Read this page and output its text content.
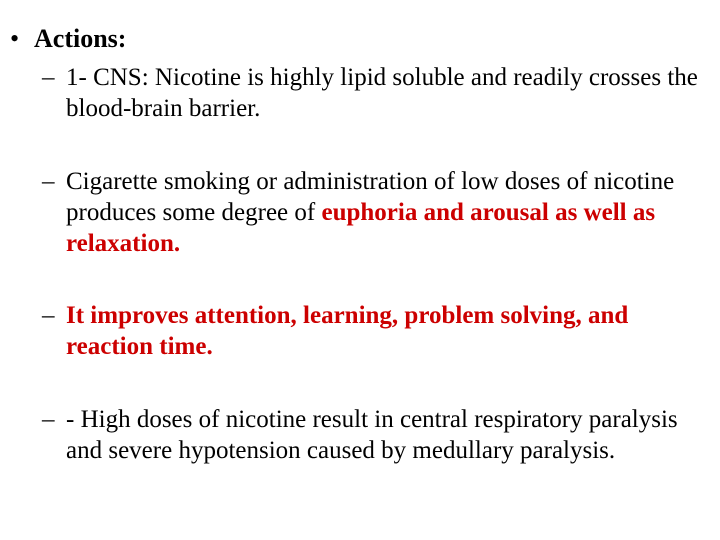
• Actions:
– 1- CNS: Nicotine is highly lipid soluble and readily crosses the blood-brain barrier.
– Cigarette smoking or administration of low doses of nicotine produces some degree of euphoria and arousal as well as relaxation.
– It improves attention, learning, problem solving, and reaction time.
– - High doses of nicotine result in central respiratory paralysis and severe hypotension caused by medullary paralysis.
